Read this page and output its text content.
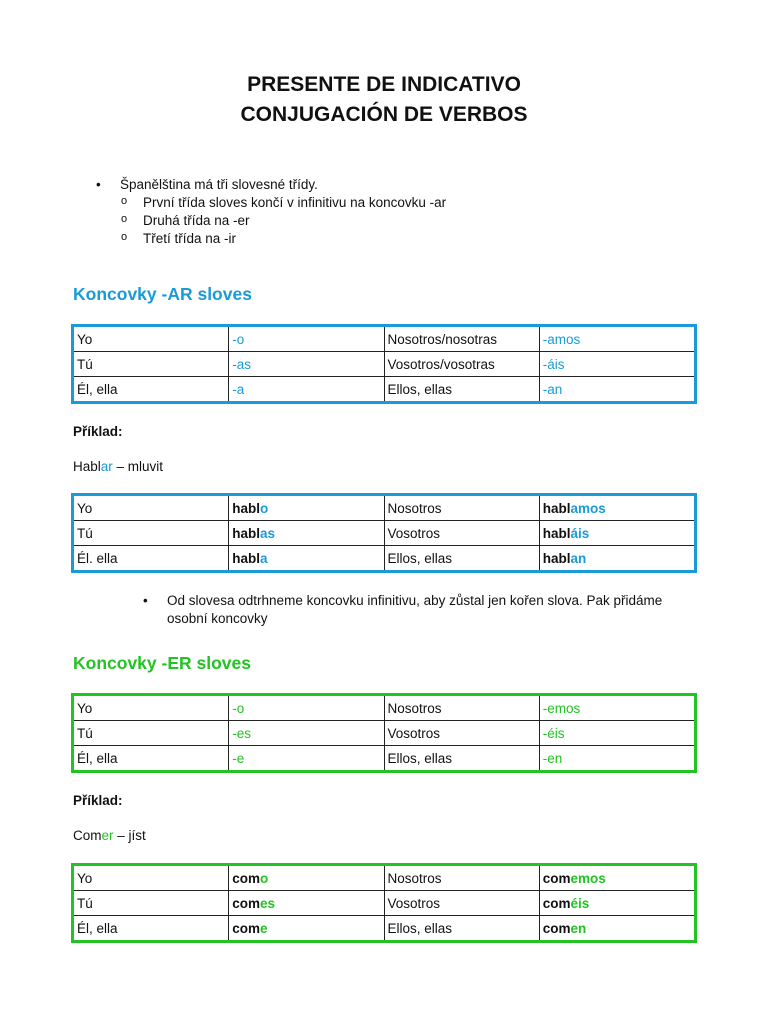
PRESENTE DE INDICATIVO
CONJUGACIÓN DE VERBOS
• Španělština má tři slovesné třídy.
o První třída sloves končí v infinitivu na koncovku -ar
o Druhá třída na -er
o Třetí třída na -ir
Koncovky -AR sloves
Yo	-o	Nosotros/nosotras	-amos
Tú	-as	Vosotros/vosotras	-áis
Él, ella	-a	Ellos, ellas	-an
Příklad:
Hablar – mluvit
Yo	hablo	Nosotros	hablamos
Tú	hablas	Vosotros	habláis
Él. ella	habla	Ellos, ellas	hablan
•	Od slovesa odtrhneme koncovku infinitivu, aby zůstal jen kořen slova. Pak přidáme osobní koncovky
Koncovky -ER sloves
Yo	-o	Nosotros	-emos
Tú	-es	Vosotros	-éis
Él, ella	-e	Ellos, ellas	-en
Příklad:
Comer – jíst
Yo	como	Nosotros	comemos
Tú	comes	Vosotros	coméis
Él, ella	come	Ellos, ellas	comen
